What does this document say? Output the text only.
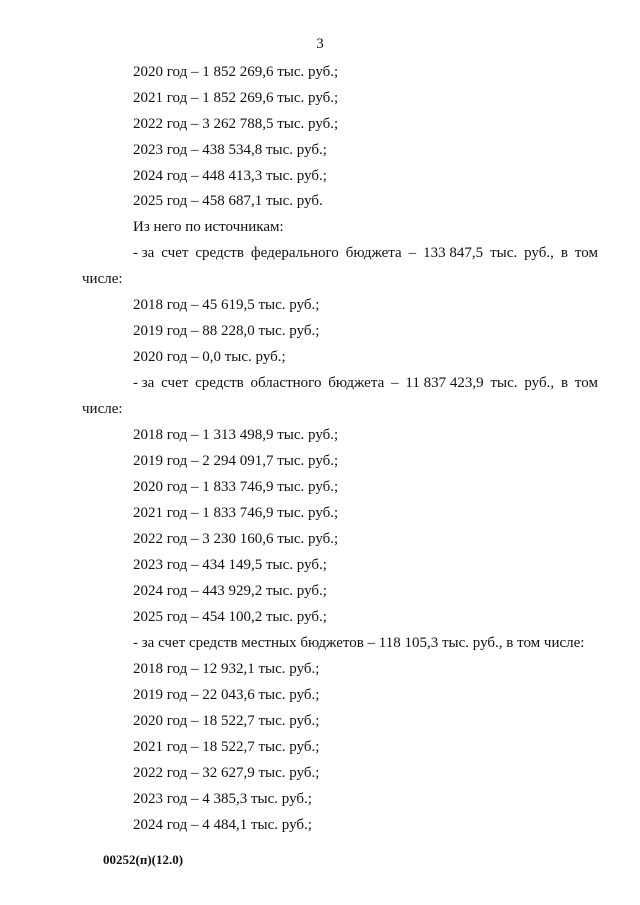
3
2020 год – 1 852 269,6 тыс. руб.;
2021 год – 1 852 269,6 тыс. руб.;
2022 год – 3 262 788,5 тыс. руб.;
2023 год – 438 534,8 тыс. руб.;
2024 год – 448 413,3 тыс. руб.;
2025 год – 458 687,1 тыс. руб.
Из него по источникам:
- за счет средств федерального бюджета – 133 847,5 тыс. руб., в том
числе:
2018 год – 45 619,5 тыс. руб.;
2019 год – 88 228,0 тыс. руб.;
2020 год – 0,0 тыс. руб.;
- за счет средств областного бюджета – 11 837 423,9 тыс. руб., в том
числе:
2018 год – 1 313 498,9 тыс. руб.;
2019 год – 2 294 091,7 тыс. руб.;
2020 год – 1 833 746,9 тыс. руб.;
2021 год – 1 833 746,9 тыс. руб.;
2022 год – 3 230 160,6 тыс. руб.;
2023 год – 434 149,5 тыс. руб.;
2024 год – 443 929,2 тыс. руб.;
2025 год – 454 100,2 тыс. руб.;
- за счет средств местных бюджетов – 118 105,3 тыс. руб., в том числе:
2018 год – 12 932,1 тыс. руб.;
2019 год – 22 043,6 тыс. руб.;
2020 год – 18 522,7 тыс. руб.;
2021 год – 18 522,7 тыс. руб.;
2022 год – 32 627,9 тыс. руб.;
2023 год – 4 385,3 тыс. руб.;
2024 год – 4 484,1 тыс. руб.;
00252(п)(12.0)
